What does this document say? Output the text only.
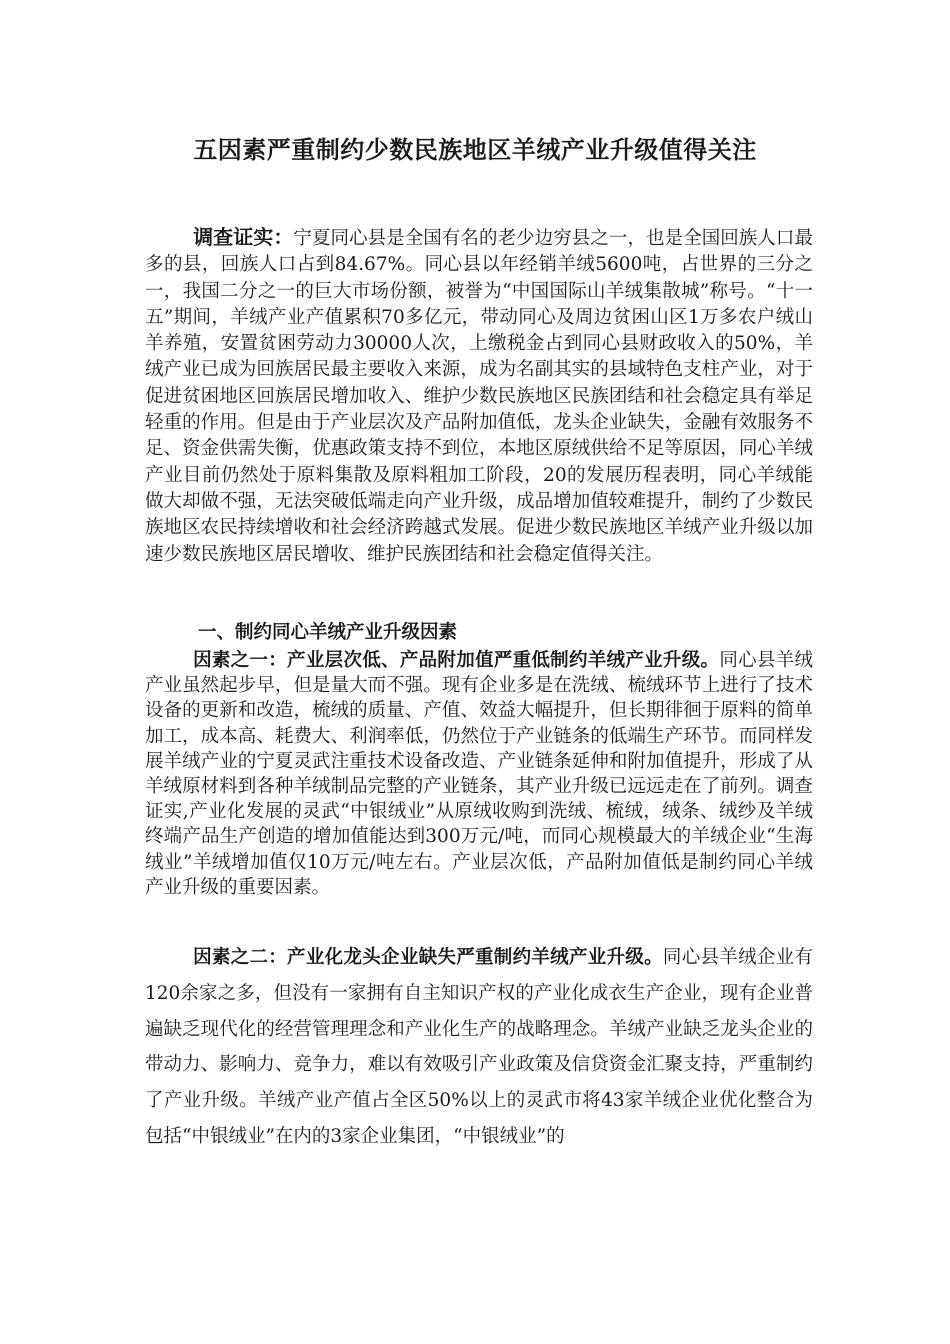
五因素严重制约少数民族地区羊绒产业升级值得关注

调查证实：宁夏同心县是全国有名的老少边穷县之一，也是全国回族人口最多的县，回族人口占到84.67%。同心县以年经销羊绒5600吨，占世界的三分之一，我国二分之一的巨大市场份额，被誉为“中国国际山羊绒集散城”称号。“十一五”期间，羊绒产业产值累积70多亿元，带动同心及周边贫困山区1万多农户绒山羊养殖，安置贫困劳动力30000人次，上缴税金占到同心县财政收入的50%，羊绒产业已成为回族居民最主要收入来源，成为名副其实的县域特色支柱产业，对于促进贫困地区回族居民增加收入、维护少数民族地区民族团结和社会稳定具有举足轻重的作用。但是由于产业层次及产品附加值低，龙头企业缺失，金融有效服务不足、资金供需失衡，优惠政策支持不到位，本地区原绒供给不足等原因，同心羊绒产业目前仍然处于原料集散及原料粗加工阶段，20的发展历程表明，同心羊绒能做大却做不强，无法突破低端走向产业升级，成品增加值较难提升，制约了少数民族地区农民持续增收和社会经济跨越式发展。促进少数民族地区羊绒产业升级以加速少数民族地区居民增收、维护民族团结和社会稳定值得关注。

一、制约同心羊绒产业升级因素

因素之一：产业层次低、产品附加值严重低制约羊绒产业升级。同心县羊绒产业虽然起步早，但是量大而不强。现有企业多是在洗绒、梳绒环节上进行了技术设备的更新和改造，梳绒的质量、产值、效益大幅提升，但长期徘徊于原料的简单加工，成本高、耗费大、利润率低，仍然位于产业链条的低端生产环节。而同样发展羊绒产业的宁夏灵武注重技术设备改造、产业链条延伸和附加值提升，形成了从羊绒原材料到各种羊绒制品完整的产业链条，其产业升级已远远走在了前列。调查证实,产业化发展的灵武“中银绒业”从原绒收购到洗绒、梳绒，绒条、绒纱及羊绒终端产品生产创造的增加值能达到300万元/吨，而同心规模最大的羊绒企业“生海绒业”羊绒增加值仅10万元/吨左右。产业层次低，产品附加值低是制约同心羊绒产业升级的重要因素。

因素之二：产业化龙头企业缺失严重制约羊绒产业升级。同心县羊绒企业有120余家之多，但没有一家拥有自主知识产权的产业化成衣生产企业，现有企业普遍缺乏现代化的经营管理理念和产业化生产的战略理念。羊绒产业缺乏龙头企业的带动力、影响力、竞争力，难以有效吸引产业政策及信贷资金汇聚支持，严重制约了产业升级。羊绒产业产值占全区50%以上的灵武市将43家羊绒企业优化整合为包括“中银绒业”在内的3家企业集团，“中银绒业”的
